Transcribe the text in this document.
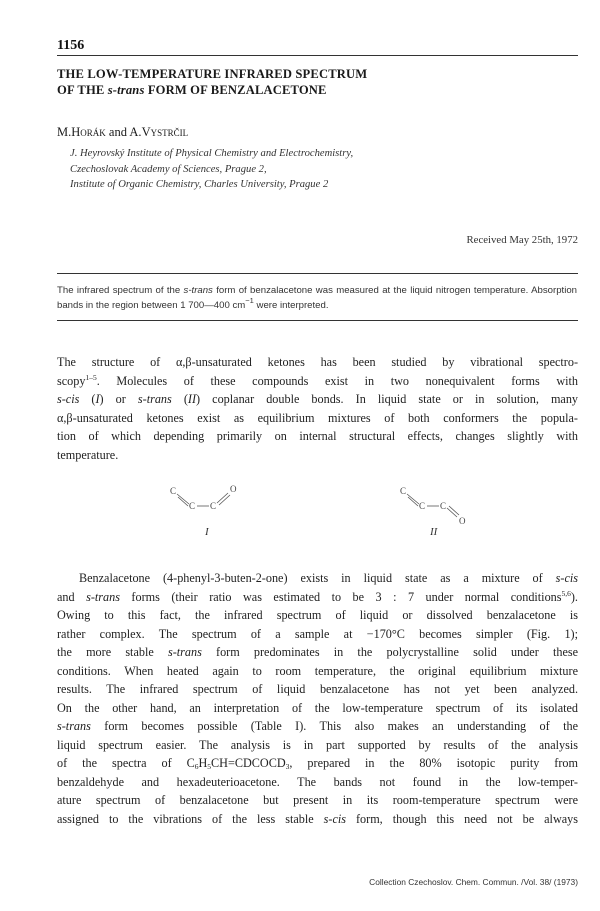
1156
THE LOW-TEMPERATURE INFRARED SPECTRUM
OF THE s-trans FORM OF BENZALACETONE
M.Horák and A.Vystrčil
J. Heyrovský Institute of Physical Chemistry and Electrochemistry,
Czechoslovak Academy of Sciences, Prague 2,
Institute of Organic Chemistry, Charles University, Prague 2
Received May 25th, 1972
The infrared spectrum of the s-trans form of benzalacetone was measured at the liquid nitrogen temperature. Absorption bands in the region between 1 700—400 $cm^{-1}$ were interpreted.
The structure of α,β-unsaturated ketones has been studied by vibrational spectro-
scopy$^{1-5}$. Molecules of these compounds exist in two nonequivalent forms with
s-cis (I) or s-trans (II) coplanar double bonds. In liquid state or in solution, many
α,β-unsaturated ketones exist as equilibrium mixtures of both conformers the popula-
tion of which depending primarily on internal structural effects, changes slightly with
temperature.
C
C C
O
I
C
C C
O
II
Benzalacetone (4-phenyl-3-buten-2-one) exists in liquid state as a mixture of s-cis
and s-trans forms (their ratio was estimated to be 3 : 7 under normal conditions$^{5,6}$).
Owing to this fact, the infrared spectrum of liquid or dissolved benzalacetone is
rather complex. The spectrum of a sample at −170°C becomes simpler (Fig. 1);
the more stable s-trans form predominates in the polycrystalline solid under these
conditions. When heated again to room temperature, the original equilibrium mixture
results. The infrared spectrum of liquid benzalacetone has not yet been analyzed.
On the other hand, an interpretation of the low-temperature spectrum of its isolated
s-trans form becomes possible (Table I). This also makes an understanding of the
liquid spectrum easier. The analysis is in part supported by results of the analysis
of the spectra of $C_6H_5CH=CDCOCD_3$, prepared in the 80% isotopic purity from
benzaldehyde and hexadeuterioacetone. The bands not found in the low-temper-
ature spectrum of benzalacetone but present in its room-temperature spectrum were
assigned to the vibrations of the less stable s-cis form, though this need not be always
Collection Czechoslov. Chem. Commun. /Vol. 38/ (1973)
